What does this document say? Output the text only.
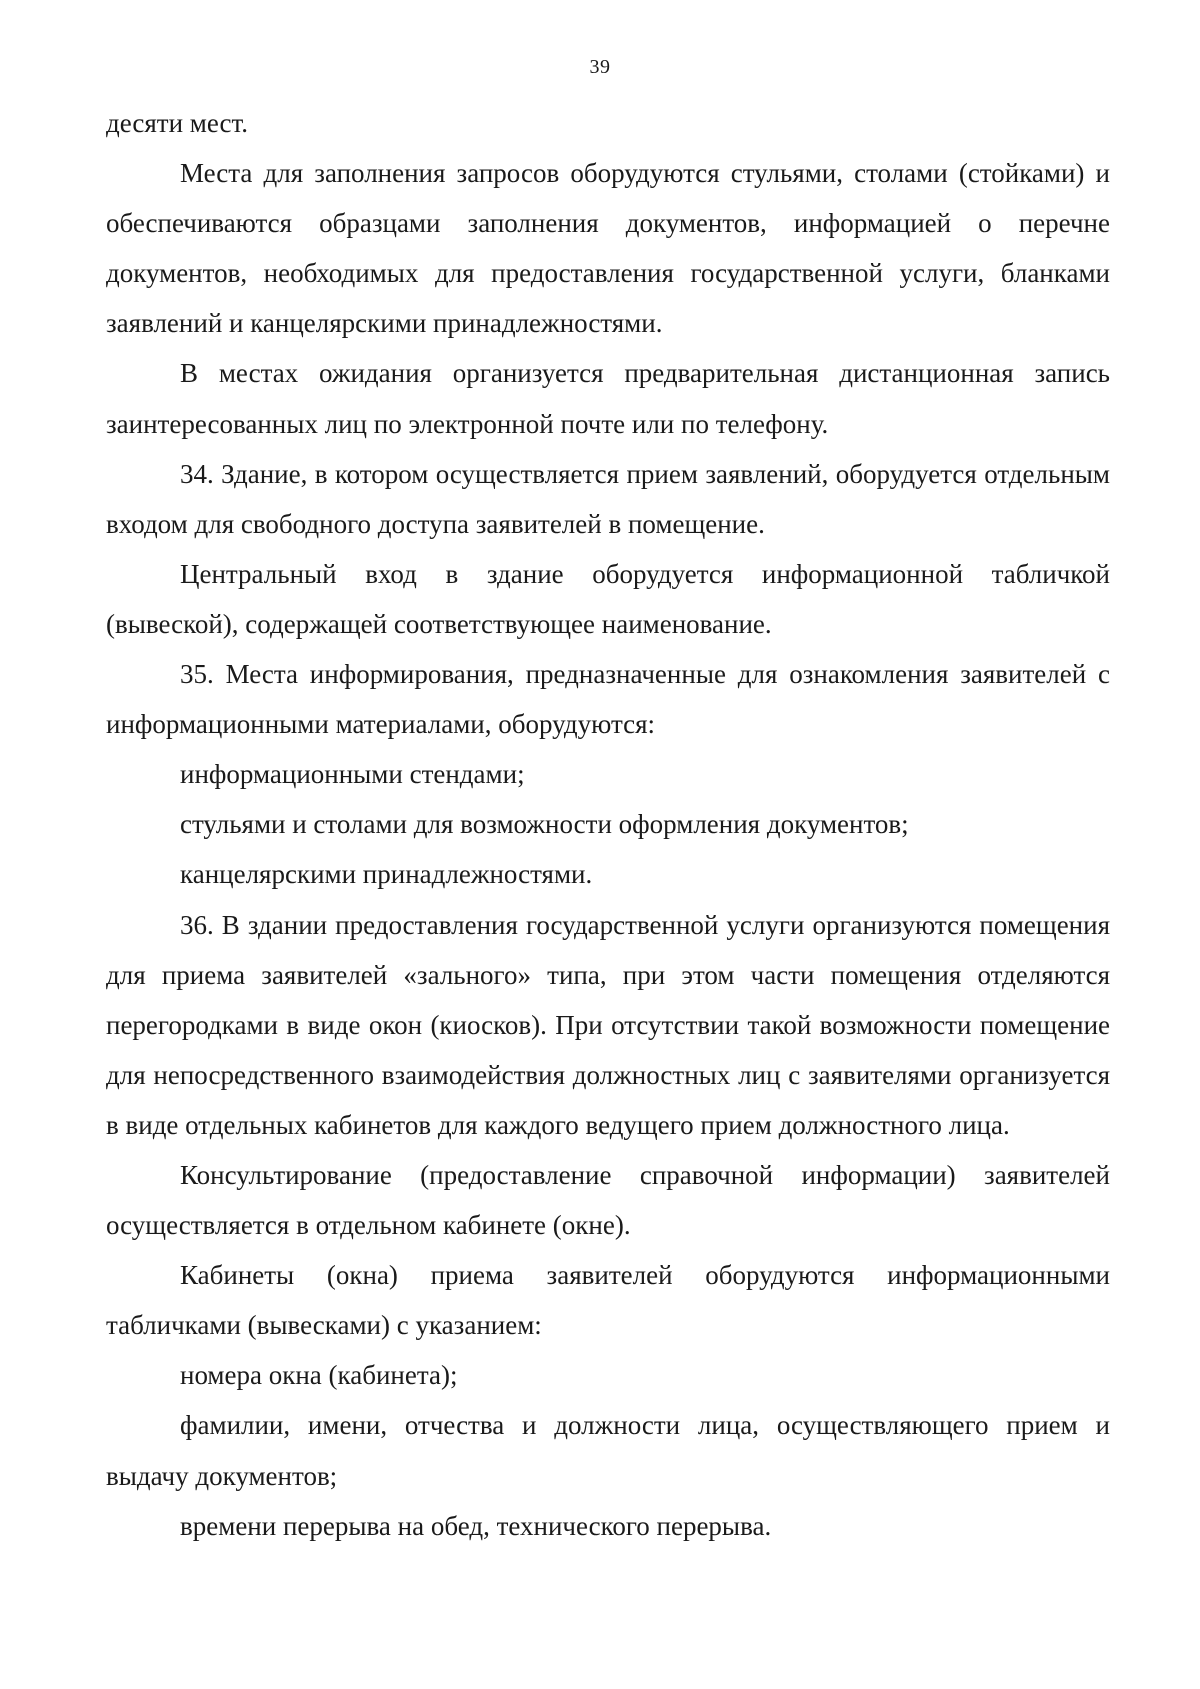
39

десяти мест.

Места для заполнения запросов оборудуются стульями, столами (стойками) и обеспечиваются образцами заполнения документов, информацией о перечне документов, необходимых для предоставления государственной услуги, бланками заявлений и канцелярскими принадлежностями.

В местах ожидания организуется предварительная дистанционная запись заинтересованных лиц по электронной почте или по телефону.

34. Здание, в котором осуществляется прием заявлений, оборудуется отдельным входом для свободного доступа заявителей в помещение.

Центральный вход в здание оборудуется информационной табличкой (вывеской), содержащей соответствующее наименование.

35. Места информирования, предназначенные для ознакомления заявителей с информационными материалами, оборудуются:

информационными стендами;

стульями и столами для возможности оформления документов;

канцелярскими принадлежностями.

36. В здании предоставления государственной услуги организуются помещения для приема заявителей «зального» типа, при этом части помещения отделяются перегородками в виде окон (киосков). При отсутствии такой возможности помещение для непосредственного взаимодействия должностных лиц с заявителями организуется в виде отдельных кабинетов для каждого ведущего прием должностного лица.

Консультирование (предоставление справочной информации) заявителей осуществляется в отдельном кабинете (окне).

Кабинеты (окна) приема заявителей оборудуются информационными табличками (вывесками) с указанием:

номера окна (кабинета);

фамилии, имени, отчества и должности лица, осуществляющего прием и выдачу документов;

времени перерыва на обед, технического перерыва.
